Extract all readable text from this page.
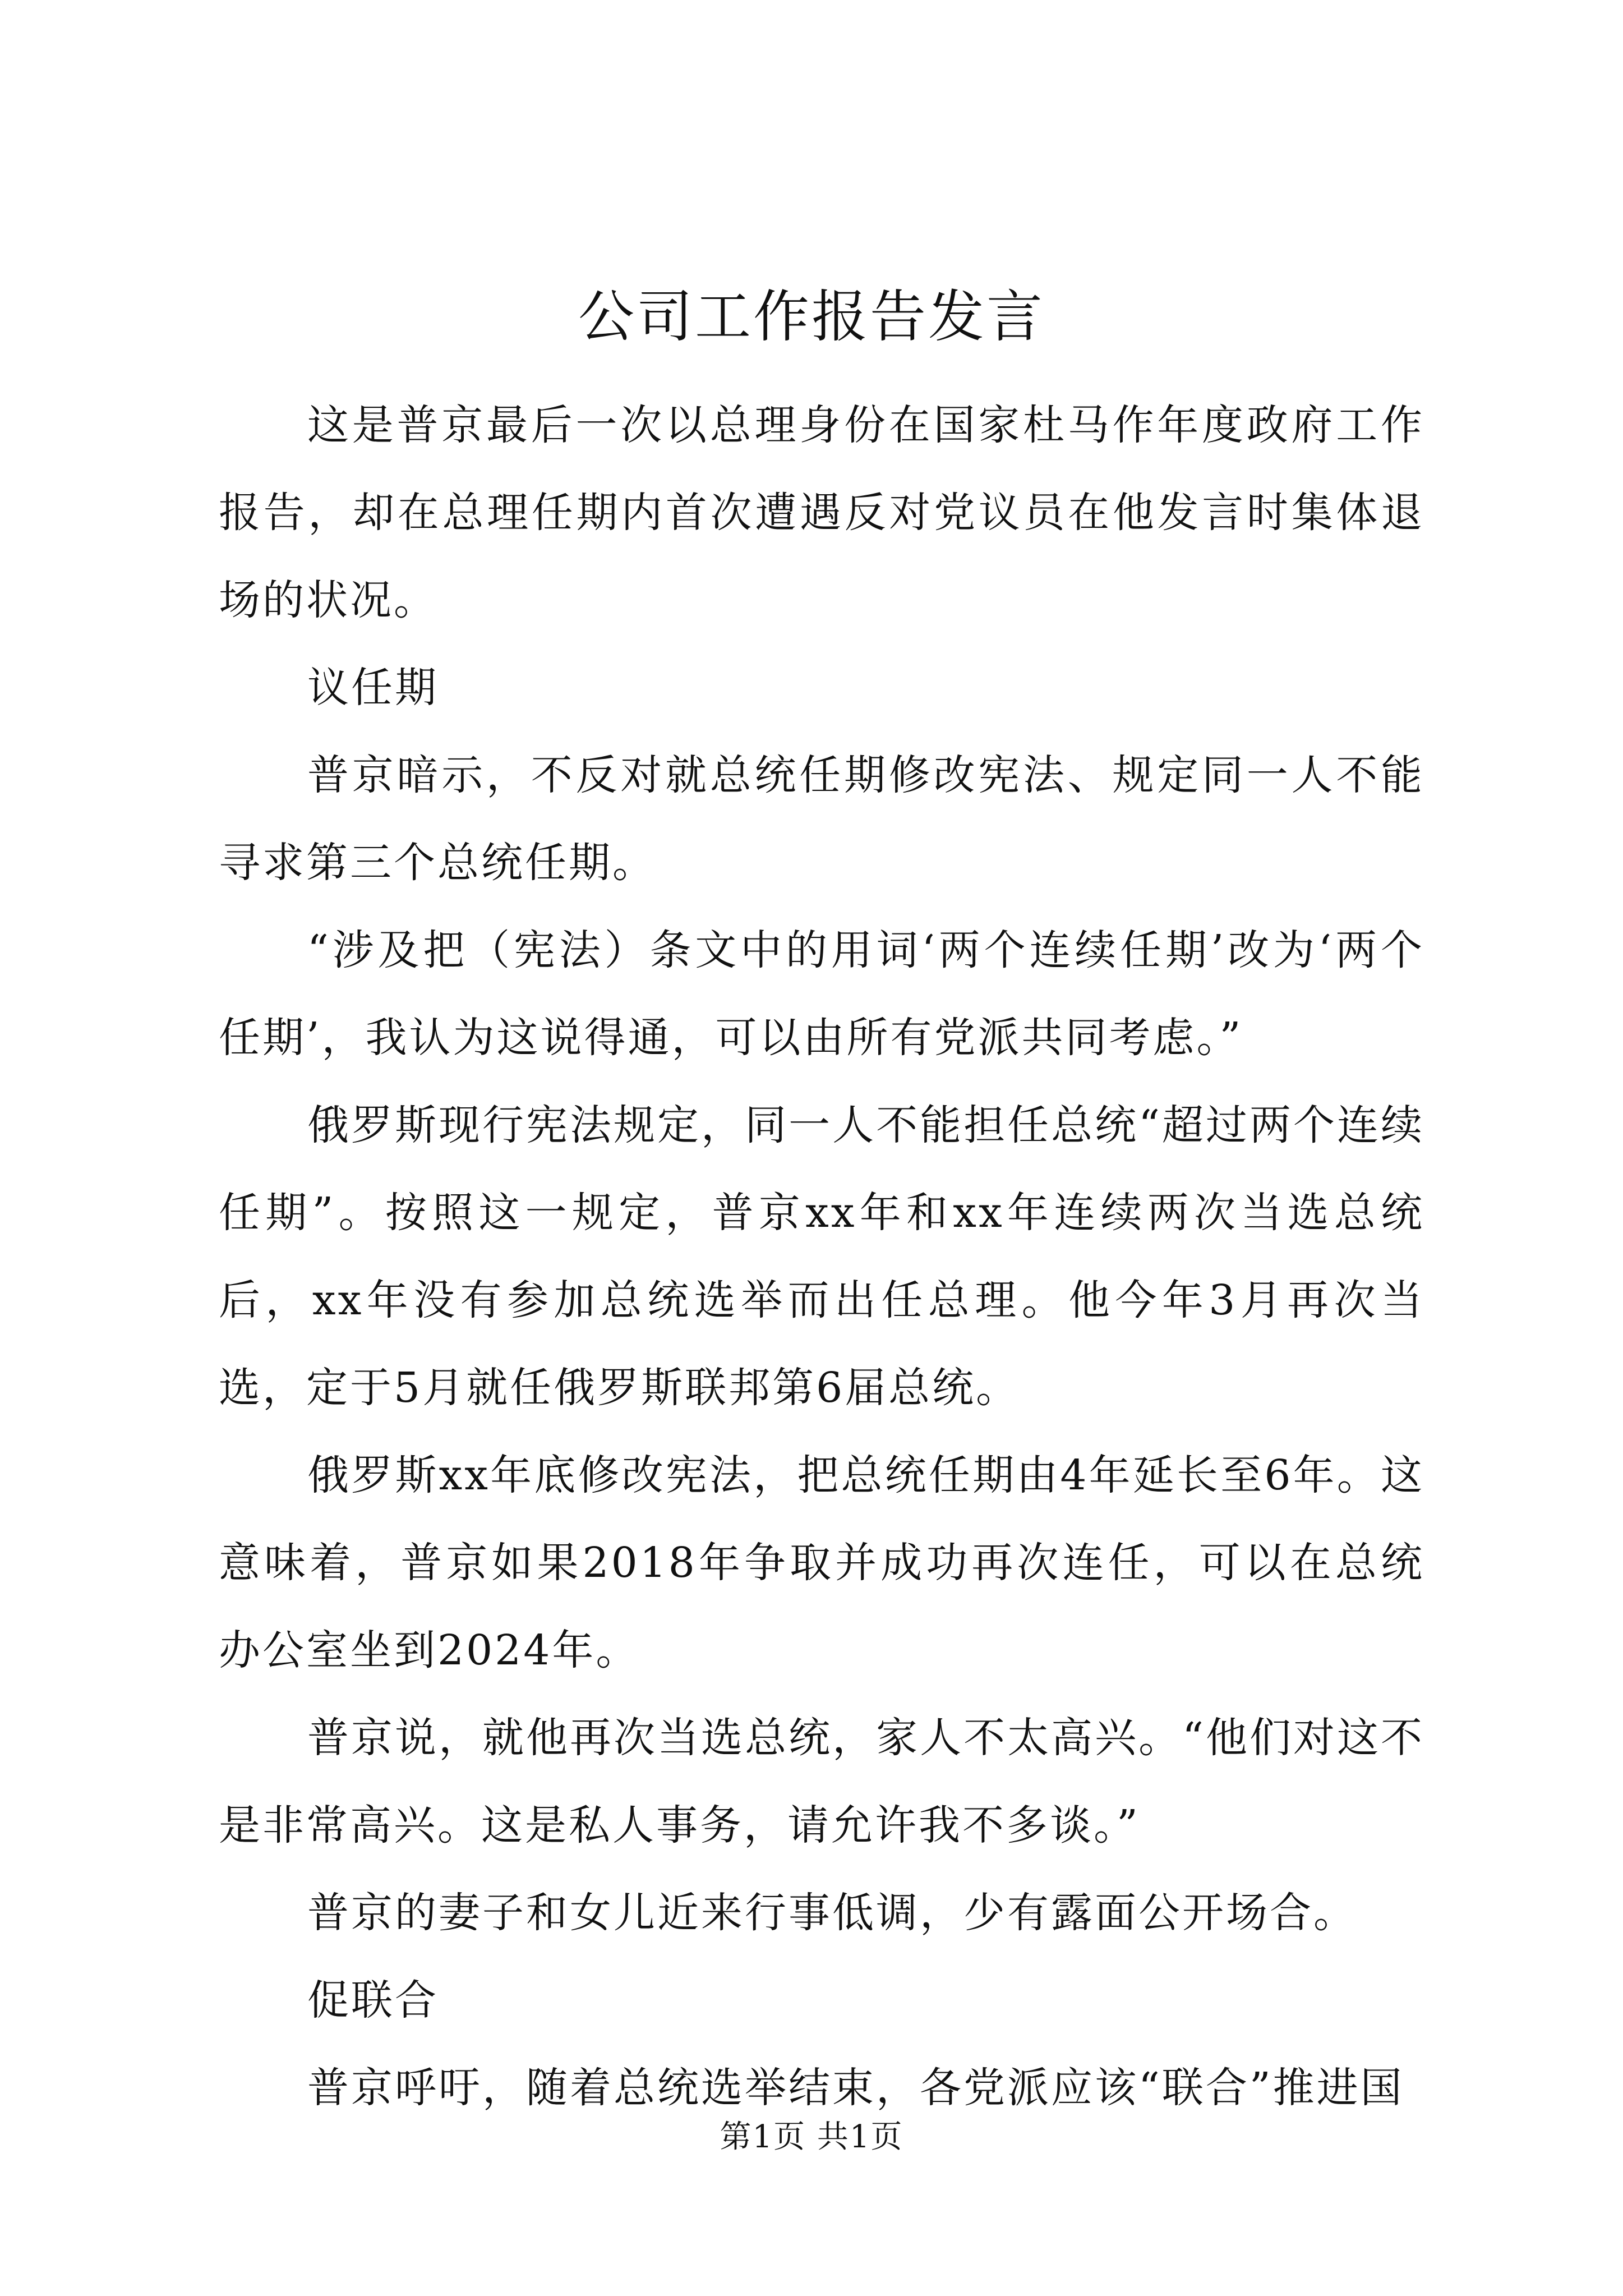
公司工作报告发言

这是普京最后一次以总理身份在国家杜马作年度政府工作报告，却在总理任期内首次遭遇反对党议员在他发言时集体退场的状况。

议任期

普京暗示，不反对就总统任期修改宪法、规定同一人不能寻求第三个总统任期。

“涉及把（宪法）条文中的用词‘两个连续任期’改为‘两个任期’，我认为这说得通，可以由所有党派共同考虑。”

俄罗斯现行宪法规定，同一人不能担任总统“超过两个连续任期”。按照这一规定，普京xx年和xx年连续两次当选总统后，xx年没有参加总统选举而出任总理。他今年3月再次当选，定于5月就任俄罗斯联邦第6届总统。

俄罗斯xx年底修改宪法，把总统任期由4年延长至6年。这意味着，普京如果2018年争取并成功再次连任，可以在总统办公室坐到2024年。

普京说，就他再次当选总统，家人不太高兴。“他们对这不是非常高兴。这是私人事务，请允许我不多谈。”

普京的妻子和女儿近来行事低调，少有露面公开场合。

促联合

普京呼吁，随着总统选举结束，各党派应该“联合”推进国

第1页 共1页
